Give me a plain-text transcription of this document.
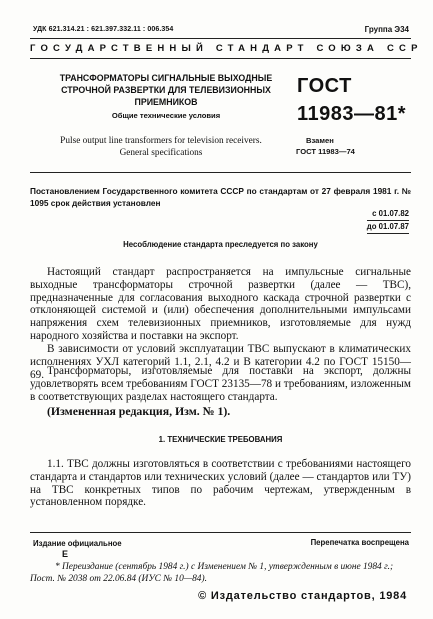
УДК 621.314.21 : 621.397.332.11 : 006.354	Группа Э34
ГОСУДАРСТВЕННЫЙ СТАНДАРТ СОЮЗА ССР
ТРАНСФОРМАТОРЫ СИГНАЛЬНЫЕ ВЫХОДНЫЕ
СТРОЧНОЙ РАЗВЕРТКИ ДЛЯ ТЕЛЕВИЗИОННЫХ
ПРИЕМНИКОВ
Общие технические условия
Pulse output line transformers for television receivers.
General specifications
ГОСТ
11983—81*
Взамен
ГОСТ 11983—74
Постановлением Государственного комитета СССР по стандартам от 27 февраля 1981 г. № 1095 срок действия установлен
с 01.07.82
до 01.07.87
Несоблюдение стандарта преследуется по закону

Настоящий стандарт распространяется на импульсные сигнальные выходные трансформаторы строчной развертки (далее — ТВС), предназначенные для согласования выходного каскада строчной развертки с отклоняющей системой и (или) обеспечения дополнительными импульсами напряжения схем телевизионных приемников, изготовляемые для нужд народного хозяйства и поставки на экспорт.

В зависимости от условий эксплуатации ТВС выпускают в климатических исполнениях УХЛ категорий 1.1, 2.1, 4.2 и В категории 4.2 по ГОСТ 15150—69. Трансформаторы, изготовляемые для поставки на экспорт, должны удовлетворять всем требованиям ГОСТ 23135—78 и требованиям, изложенным в соответствующих разделах настоящего стандарта.

(Измененная редакция, Изм. № 1).
1. ТЕХНИЧЕСКИЕ ТРЕБОВАНИЯ

1.1. ТВС должны изготовляться в соответствии с требованиями настоящего стандарта и стандартов или технических условий (далее — стандартов или ТУ) на ТВС конкретных типов по рабочим чертежам, утвержденным в установленном порядке.

Издание официальное
Е
Перепечатка воспрещена
* Переиздание (сентябрь 1984 г.) с Изменением № 1, утвержденным в июне 1984 г.; Пост. № 2038 от 22.06.84 (ИУС № 10—84).
© Издательство стандартов, 1984
